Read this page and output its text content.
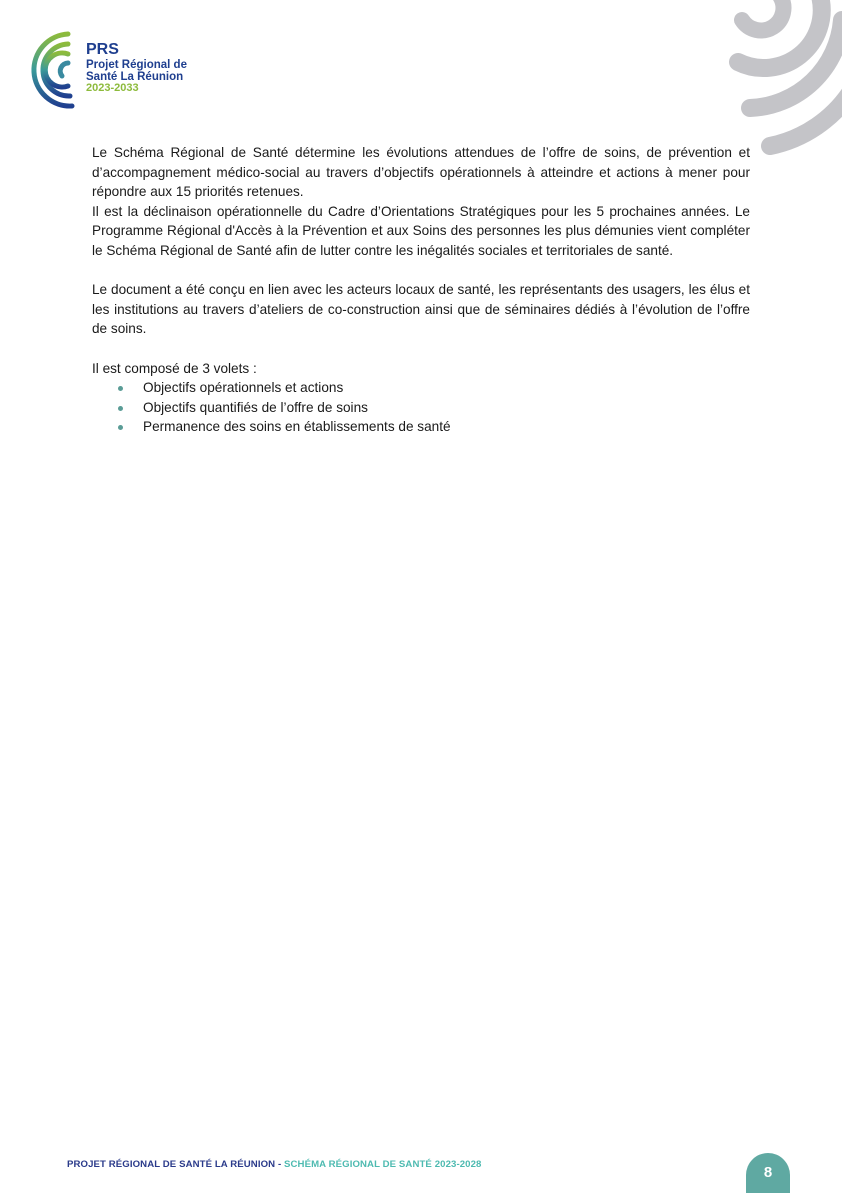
PRS
Projet Régional de
Santé La Réunion
2023-2033

Le Schéma Régional de Santé détermine les évolutions attendues de l’offre de soins, de prévention et d’accompagnement médico-social au travers d’objectifs opérationnels à atteindre et actions à mener pour répondre aux 15 priorités retenues.

Il est la déclinaison opérationnelle du Cadre d’Orientations Stratégiques pour les 5 prochaines années. Le Programme Régional d'Accès à la Prévention et aux Soins des personnes les plus démunies vient compléter le Schéma Régional de Santé afin de lutter contre les inégalités sociales et territoriales de santé.

Le document a été conçu en lien avec les acteurs locaux de santé, les représentants des usagers, les élus et les institutions au travers d’ateliers de co-construction ainsi que de séminaires dédiés à l’évolution de l’offre de soins.

Il est composé de 3 volets :

Objectifs opérationnels et actions
Objectifs quantifiés de l’offre de soins
Permanence des soins en établissements de santé
PROJET RÉGIONAL DE SANTÉ LA RÉUNION - SCHÉMA RÉGIONAL DE SANTÉ 2023-2028	8
